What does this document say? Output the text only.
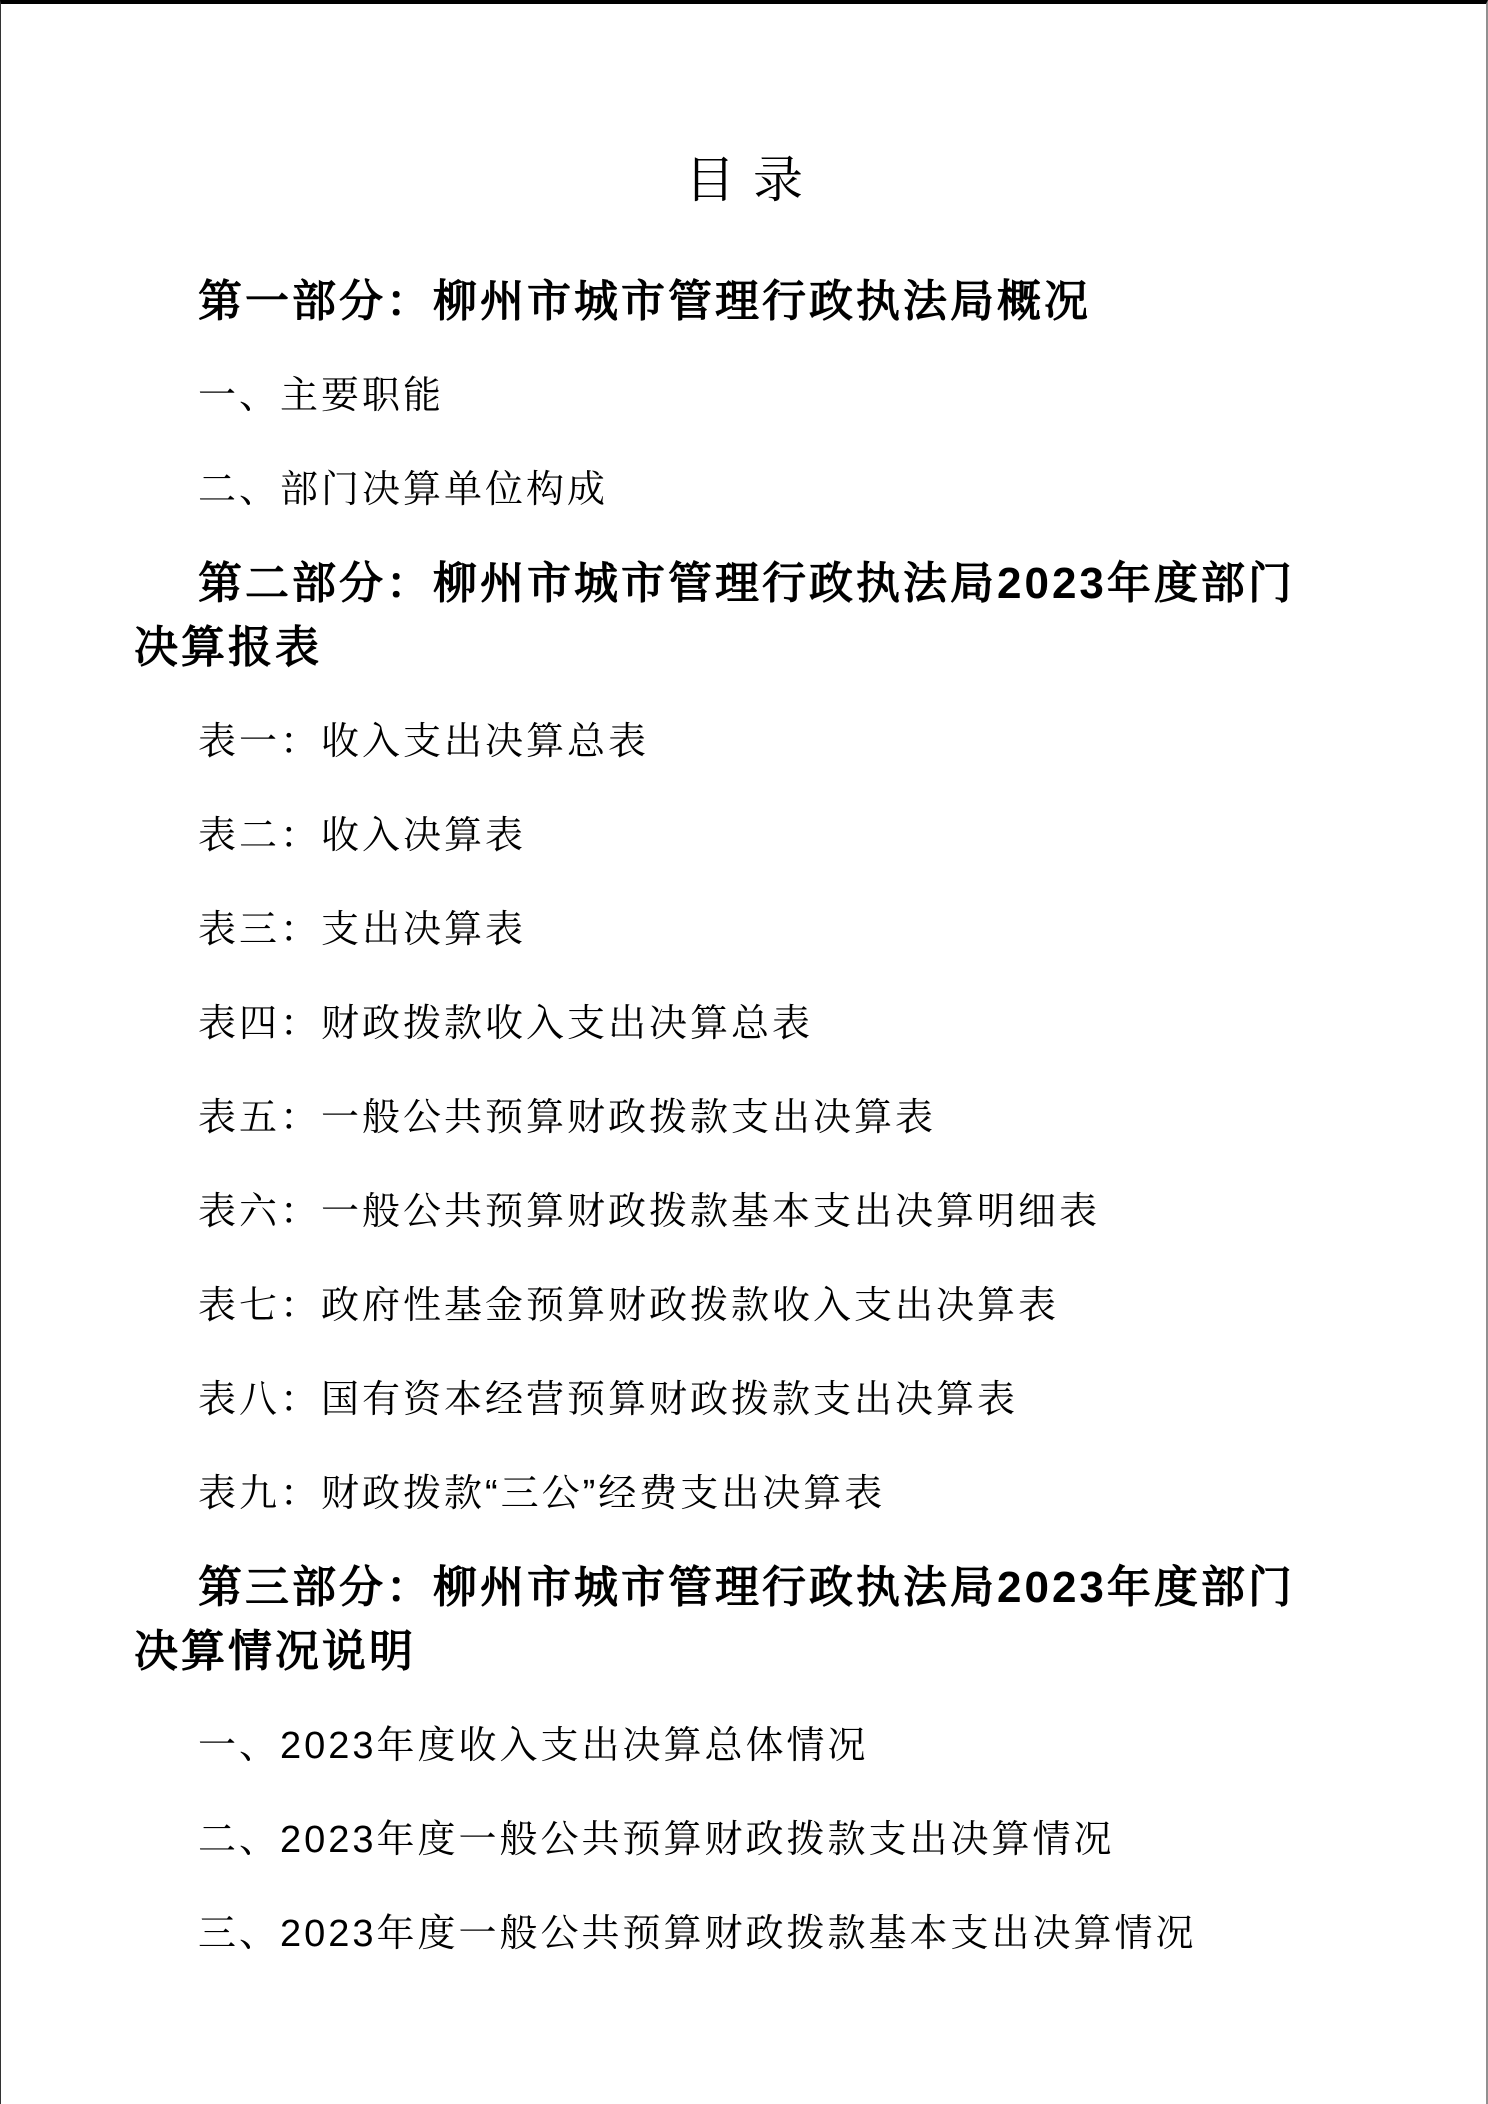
目 录
第一部分：柳州市城市管理行政执法局概况
一、主要职能
二、部门决算单位构成
第二部分：柳州市城市管理行政执法局2023年度部门
决算报表
表一：收入支出决算总表
表二：收入决算表
表三：支出决算表
表四：财政拨款收入支出决算总表
表五：一般公共预算财政拨款支出决算表
表六：一般公共预算财政拨款基本支出决算明细表
表七：政府性基金预算财政拨款收入支出决算表
表八：国有资本经营预算财政拨款支出决算表
表九：财政拨款“三公”经费支出决算表
第三部分：柳州市城市管理行政执法局2023年度部门
决算情况说明
一、2023年度收入支出决算总体情况
二、2023年度一般公共预算财政拨款支出决算情况
三、2023年度一般公共预算财政拨款基本支出决算情况
